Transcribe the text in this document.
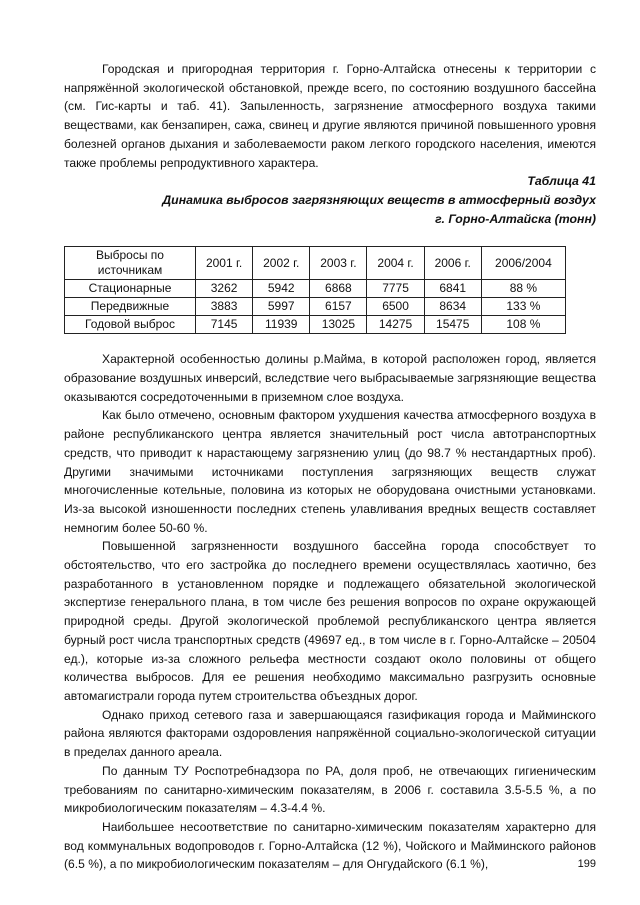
Городская и пригородная территория г. Горно-Алтайска отнесены к территории с напряжённой экологической обстановкой, прежде всего, по состоянию воздушного бассейна (см. Гис-карты и таб. 41). Запыленность, загрязнение атмосферного воздуха такими веществами, как бензапирен, сажа, свинец и другие являются причиной повышенного уровня болезней органов дыхания и заболеваемости раком легкого городского населения, имеются также проблемы репродуктивного характера.

Таблица 41
Динамика выбросов загрязняющих веществ в атмосферный воздух
г. Горно-Алтайска (тонн)
Выбросы по источникам	2001 г.	2002 г.	2003 г.	2004 г.	2006 г.	2006/2004
Стационарные	3262	5942	6868	7775	6841	88 %
Передвижные	3883	5997	6157	6500	8634	133 %
Годовой выброс	7145	11939	13025	14275	15475	108 %

Характерной особенностью долины р.Майма, в которой расположен город, является образование воздушных инверсий, вследствие чего выбрасываемые загрязняющие вещества оказываются сосредоточенными в приземном слое воздуха.

Как было отмечено, основным фактором ухудшения качества атмосферного воздуха в районе республиканского центра является значительный рост числа автотранспортных средств, что приводит к нарастающему загрязнению улиц (до 98.7 % нестандартных проб). Другими значимыми источниками поступления загрязняющих веществ служат многочисленные котельные, половина из которых не оборудована очистными установками. Из-за высокой изношенности последних степень улавливания вредных веществ составляет немногим более 50-60 %.

Повышенной загрязненности воздушного бассейна города способствует то обстоятельство, что его застройка до последнего времени осуществлялась хаотично, без разработанного в установленном порядке и подлежащего обязательной экологической экспертизе генерального плана, в том числе без решения вопросов по охране окружающей природной среды. Другой экологической проблемой республиканского центра является бурный рост числа транспортных средств (49697 ед., в том числе в г. Горно-Алтайске – 20504 ед.), которые из-за сложного рельефа местности создают около половины от общего количества выбросов. Для ее решения необходимо максимально разгрузить основные автомагистрали города путем строительства объездных дорог.

Однако приход сетевого газа и завершающаяся газификация города и Майминского района являются факторами оздоровления напряжённой социально-экологической ситуации в пределах данного ареала.

По данным ТУ Роспотребнадзора по РА, доля проб, не отвечающих гигиеническим требованиям по санитарно-химическим показателям, в 2006 г. составила 3.5-5.5 %, а по микробиологическим показателям – 4.3-4.4 %.

Наибольшее несоответствие по санитарно-химическим показателям характерно для вод коммунальных водопроводов г. Горно-Алтайска (12 %), Чойского и Майминского районов (6.5 %), а по микробиологическим показателям – для Онгудайского (6.1 %),	199
